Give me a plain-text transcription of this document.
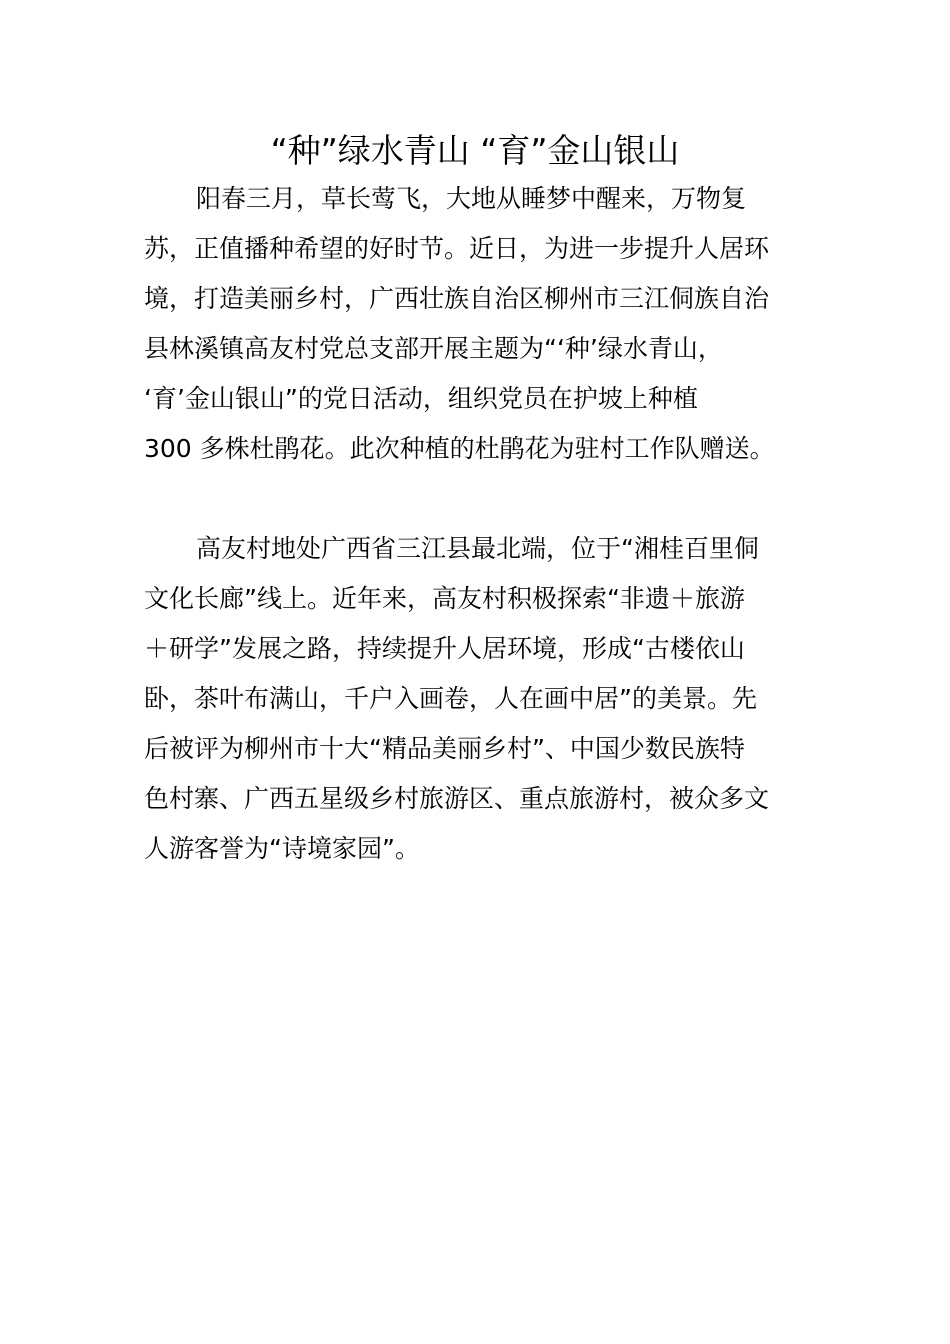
“种”绿水青山 “育”金山银山
阳春三月，草长莺飞，大地从睡梦中醒来，万物复
苏，正值播种希望的好时节。近日，为进一步提升人居环
境，打造美丽乡村，广西壮族自治区柳州市三江侗族自治
县林溪镇高友村党总支部开展主题为“‘种’绿水青山，
‘育’金山银山”的党日活动，组织党员在护坡上种植
300 多株杜鹃花。此次种植的杜鹃花为驻村工作队赠送。
高友村地处广西省三江县最北端，位于“湘桂百里侗
文化长廊”线上。近年来，高友村积极探索“非遗＋旅游
＋研学”发展之路，持续提升人居环境，形成“古楼依山
卧，茶叶布满山，千户入画卷，人在画中居”的美景。先
后被评为柳州市十大“精品美丽乡村”、中国少数民族特
色村寨、广西五星级乡村旅游区、重点旅游村，被众多文
人游客誉为“诗境家园”。
